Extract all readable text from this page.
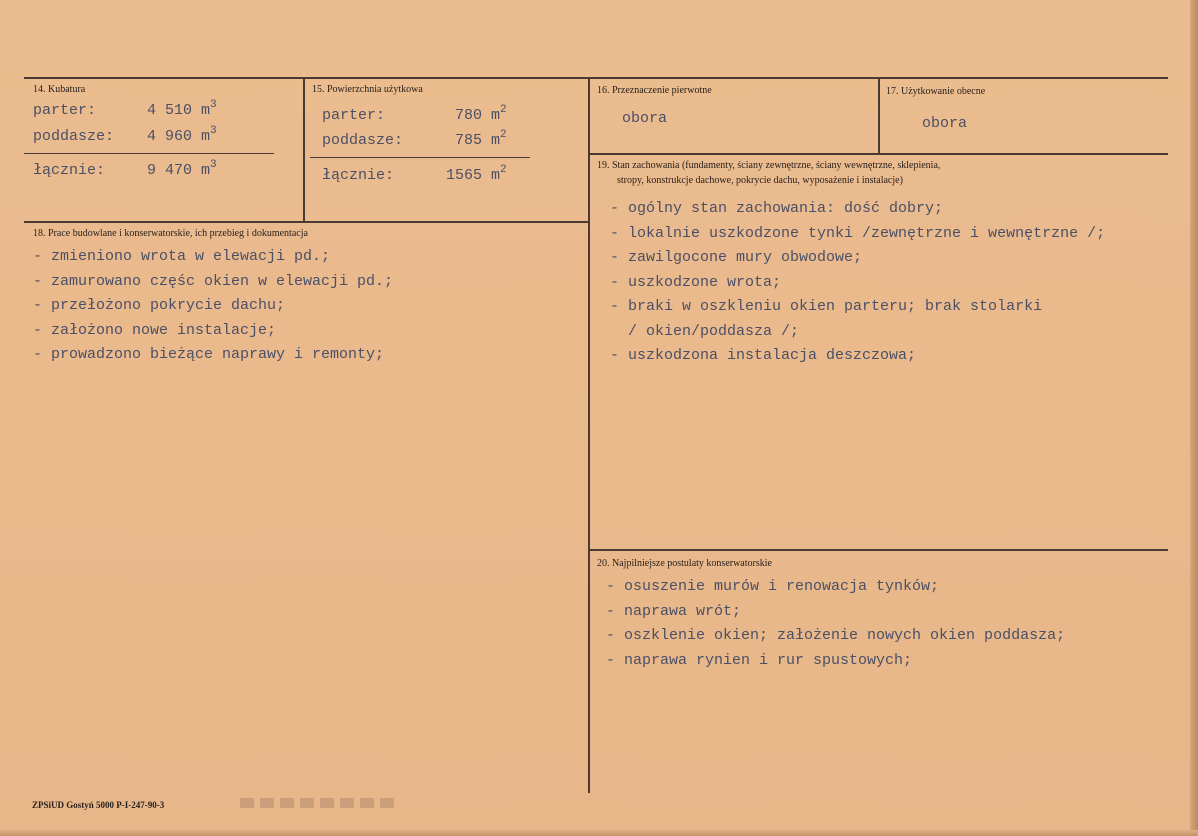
14. Kubatura
parter:	4 510 $m^3$
poddasze: 4 960 $m^3$
łącznie:	9 470 $m^3$
15. Powierzchnia użytkowa
parter:	780 $m^2$
poddasze:	785 $m^2$
łącznie:	1565 $m^2$
16. Przeznaczenie pierwotne
obora
17. Użytkowanie obecne
obora
18. Prace budowlane i konserwatorskie, ich przebieg i dokumentacja
- zmieniono wrota w elewacji pd.;
- zamurowano częśc okien w elewacji pd.;
- przełożono pokrycie dachu;
- założono nowe instalacje;
- prowadzono bieżące naprawy i remonty;
19. Stan zachowania (fundamenty, ściany zewnętrzne, ściany wewnętrzne, sklepienia,
stropy, konstrukcje dachowe, pokrycie dachu, wyposażenie i instalacje)
- ogólny stan zachowania: dość dobry;
- lokalnie uszkodzone tynki /zewnętrzne i wewnętrzne /;
- zawilgocone mury obwodowe;
- uszkodzone wrota;
- braki w oszkleniu okien parteru; brak stolarki
/ okien/poddasza /;
- uszkodzona instalacja deszczowa;
20. Najpilniejsze postulaty konserwatorskie
- osuszenie murów i renowacja tynków;
- naprawa wrót;
- oszklenie okien; założenie nowych okien poddasza;
- naprawa rynien i rur spustowych;
ZPSiUD Gostyń 5000 P-I-247-90-3
